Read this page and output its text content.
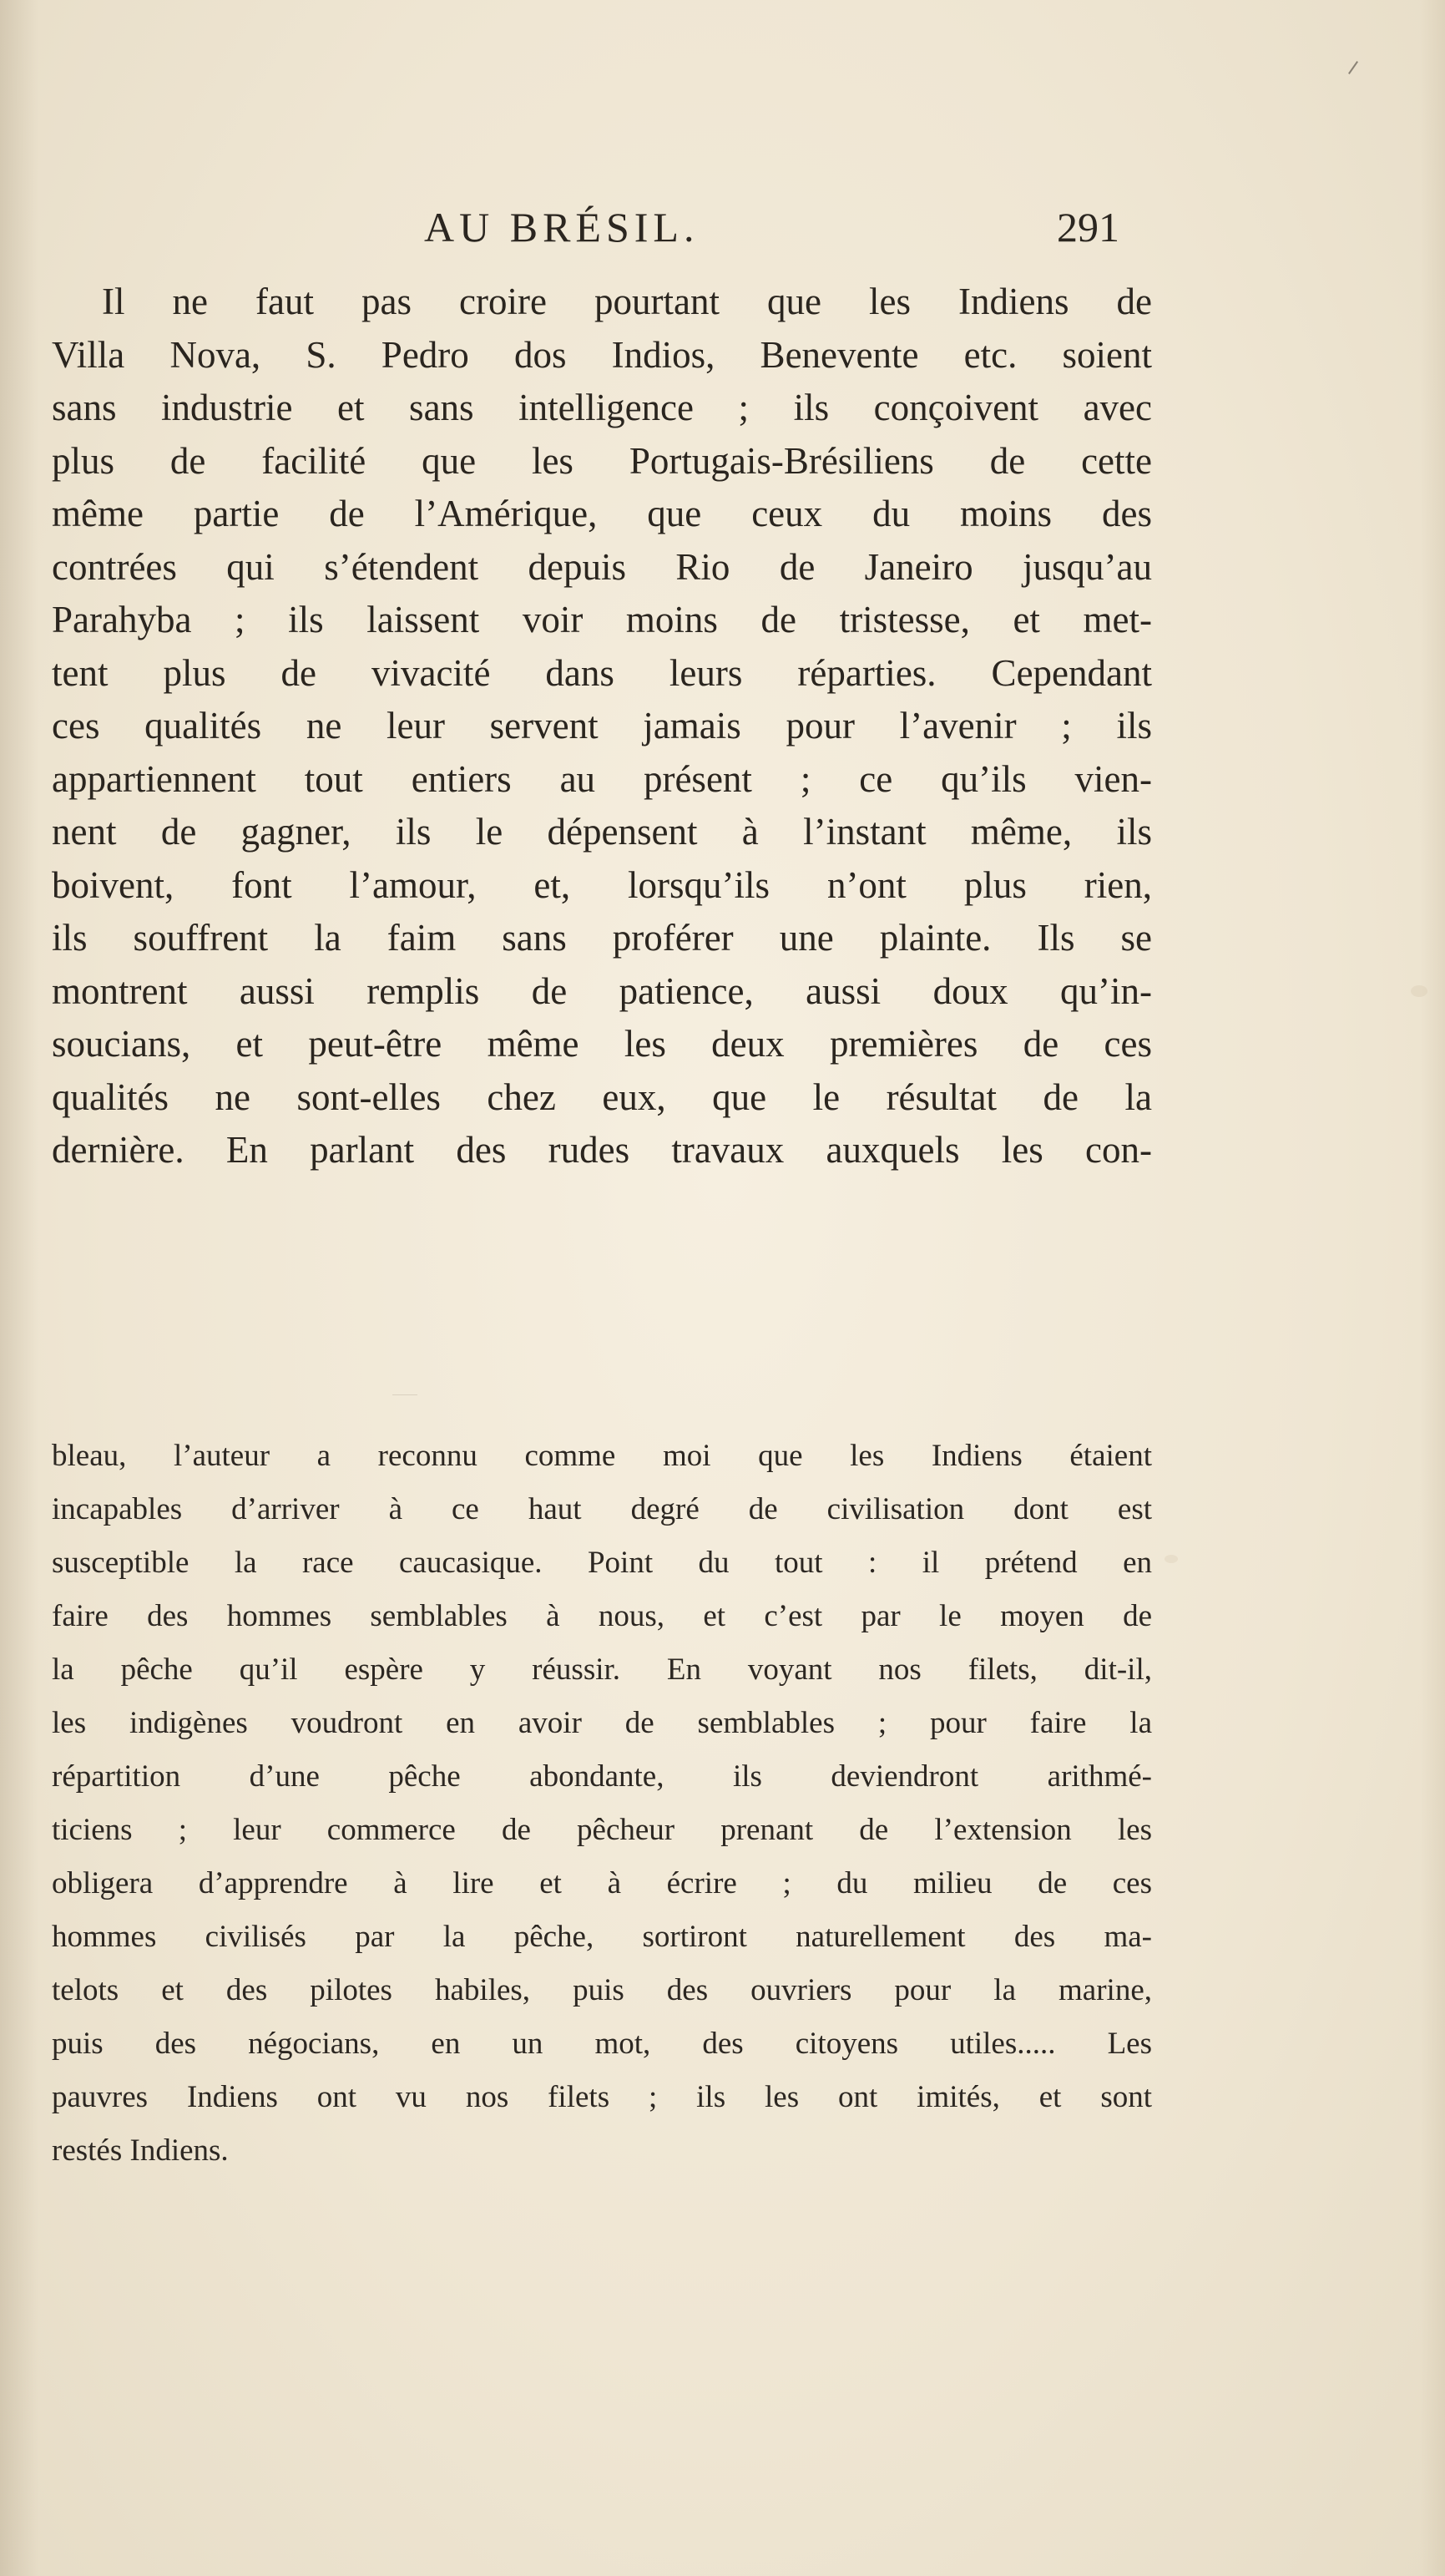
AU BRÉSIL.	291
Il ne faut pas croire pourtant que les Indiens de
Villa Nova, S. Pedro dos Indios, Benevente etc. soient
sans industrie et sans intelligence ; ils conçoivent avec
plus de facilité que les Portugais-Brésiliens de cette
même partie de l’Amérique, que ceux du moins des
contrées qui s’étendent depuis Rio de Janeiro jusqu’au
Parahyba ; ils laissent voir moins de tristesse, et met-
tent plus de vivacité dans leurs réparties. Cependant
ces qualités ne leur servent jamais pour l’avenir ; ils
appartiennent tout entiers au présent ; ce qu’ils vien-
nent de gagner, ils le dépensent à l’instant même, ils
boivent, font l’amour, et, lorsqu’ils n’ont plus rien,
ils souffrent la faim sans proférer une plainte. Ils se
montrent aussi remplis de patience, aussi doux qu’in-
soucians, et peut-être même les deux premières de ces
qualités ne sont-elles chez eux, que le résultat de la
dernière. En parlant des rudes travaux auxquels les con-
bleau, l’auteur a reconnu comme moi que les Indiens étaient
incapables d’arriver à ce haut degré de civilisation dont est
susceptible la race caucasique. Point du tout : il prétend en
faire des hommes semblables à nous, et c’est par le moyen de
la pêche qu’il espère y réussir. En voyant nos filets, dit-il,
les indigènes voudront en avoir de semblables ; pour faire la
répartition d’une pêche abondante, ils deviendront arithmé-
ticiens ; leur commerce de pêcheur prenant de l’extension les
obligera d’apprendre à lire et à écrire ; du milieu de ces
hommes civilisés par la pêche, sortiront naturellement des ma-
telots et des pilotes habiles, puis des ouvriers pour la marine,
puis des négocians, en un mot, des citoyens utiles..... Les
pauvres Indiens ont vu nos filets ; ils les ont imités, et sont
restés Indiens.
